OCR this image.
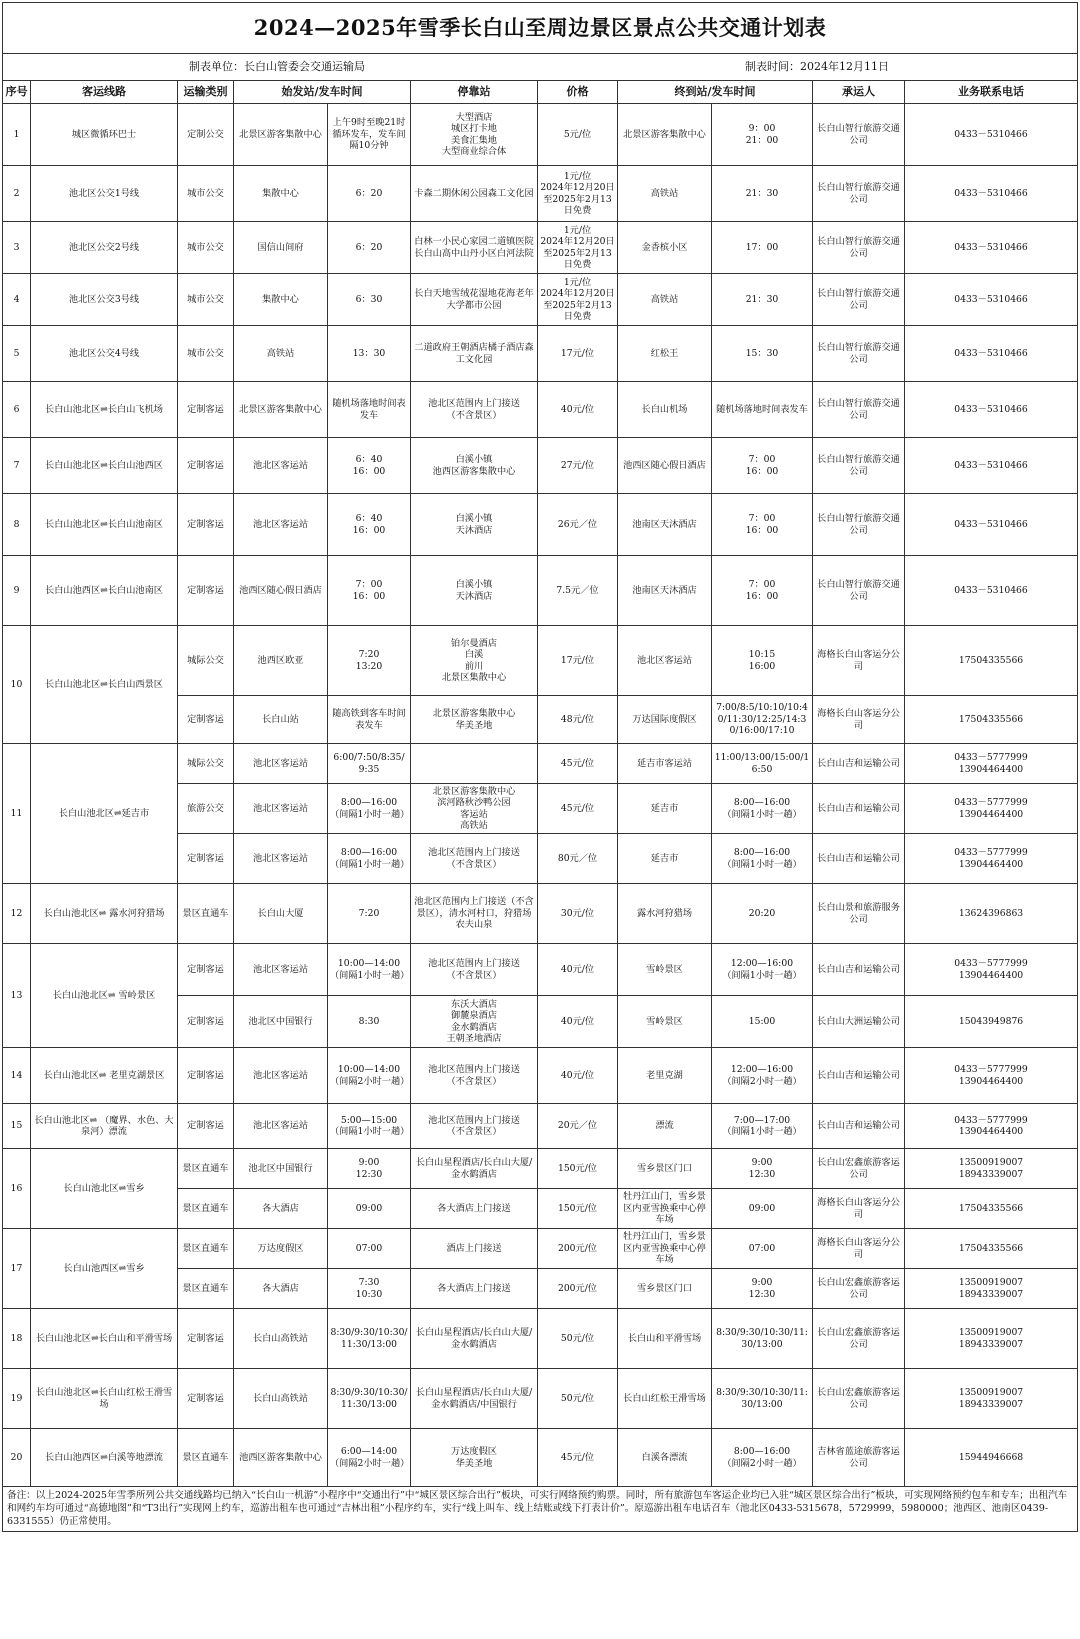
2024—2025年雪季长白山至周边景区景点公共交通计划表
制表单位：长白山管委会交通运输局	制表时间：2024年12月11日
序号	客运线路	运输类别	始发站/发车时间		停靠站	价格	终到站/发车时间		承运人	业务联系电话
1	城区微循环巴士	定制公交	北景区游客集散中心	上午9时至晚21时循环发车，发车间隔10分钟	大型酒店
城区打卡地
美食汇集地
大型商业综合体	5元/位	北景区游客集散中心	9：00
21：00	长白山智行旅游交通公司	0433－5310466
2	池北区公交1号线	城市公交	集散中心	6：20	卡森二期休闲公园森工文化园	1元/位
2024年12月20日至2025年2月13日免费	高铁站	21：30	长白山智行旅游交通公司	0433－5310466
3	池北区公交2号线	城市公交	国信山间府	6：20	白林一小民心家园二道镇医院长白山高中山丹小区白河法院	1元/位
2024年12月20日至2025年2月13日免费	金香槟小区	17：00	长白山智行旅游交通公司	0433－5310466
4	池北区公交3号线	城市公交	集散中心	6：30	长白天地雪绒花湿地花海老年大学都市公园	1元/位
2024年12月20日至2025年2月13日免费	高铁站	21：30	长白山智行旅游交通公司	0433－5310466
5	池北区公交4号线	城市公交	高铁站	13：30	二道政府王朝酒店橘子酒店森工文化园	17元/位	红松王	15：30	长白山智行旅游交通公司	0433－5310466
6	长白山池北区⇌长白山飞机场	定制客运	北景区游客集散中心	随机场落地时间表发车	池北区范围内上门接送
（不含景区）	40元/位	长白山机场	随机场落地时间表发车	长白山智行旅游交通公司	0433－5310466
7	长白山池北区⇌长白山池西区	定制客运	池北区客运站	6：40
16：00	白溪小镇
池西区游客集散中心	27元/位	池西区随心假日酒店	7：00
16：00	长白山智行旅游交通公司	0433－5310466
8	长白山池北区⇌长白山池南区	定制客运	池北区客运站	6：40
16：00	白溪小镇
天沐酒店	26元／位	池南区天沐酒店	7：00
16：00	长白山智行旅游交通公司	0433－5310466
9	长白山池西区⇌长白山池南区	定制客运	池西区随心假日酒店	7：00
16：00	白溪小镇
天沐酒店	7.5元／位	池南区天沐酒店	7：00
16：00	长白山智行旅游交通公司	0433－5310466
10	长白山池北区⇌长白山西景区	城际公交	池西区欧亚	7:20
13:20	铂尔曼酒店
白溪
前川
北景区集散中心	17元/位	池北区客运站	10:15
16:00	海格长白山客运分公司	17504335566
		定制客运	长白山站	随高铁到客车时间表发车	北景区游客集散中心
华美圣地	48元/位	万达国际度假区	7:00/8:5/10:10/10:40/11:30/12:25/14:30/16:00/17:10	海格长白山客运分公司	17504335566
11	长白山池北区⇌延吉市	城际公交	池北区客运站	6:00/7:50/8:35/9:35		45元/位	延吉市客运站	11:00/13:00/15:00/16:50	长白山吉和运输公司	0433－5777999
13904464400
		旅游公交	池北区客运站	8:00—16:00
（间隔1小时一趟）	北景区游客集散中心
滨河路秋沙鸭公园
客运站
高铁站	45元/位	延吉市	8:00—16:00
（间隔1小时一趟）	长白山吉和运输公司	0433－5777999
13904464400
		定制客运	池北区客运站	8:00—16:00
（间隔1小时一趟）	池北区范围内上门接送
（不含景区）	80元／位	延吉市	8:00—16:00
（间隔1小时一趟）	长白山吉和运输公司	0433－5777999
13904464400
12	长白山池北区⇌ 露水河狩猎场	景区直通车	长白山大厦	7:20	池北区范围内上门接送（不含景区），清水河村口，狩猎场农夫山泉	30元/位	露水河狩猎场	20:20	长白山景和旅游服务公司	13624396863
13	长白山池北区⇌ 雪岭景区	定制客运	池北区客运站	10:00—14:00
（间隔1小时一趟）	池北区范围内上门接送
（不含景区）	40元/位	雪岭景区	12:00—16:00
（间隔1小时一趟）	长白山吉和运输公司	0433－5777999
13904464400
		定制客运	池北区中国银行	8:30	东沃大酒店
御麓泉酒店
金水鹤酒店
王朝圣地酒店	40元/位	雪岭景区	15:00	长白山大洲运输公司	15043949876
14	长白山池北区⇌ 老里克湖景区	定制客运	池北区客运站	10:00—14:00
（间隔2小时一趟）	池北区范围内上门接送
（不含景区）	40元/位	老里克湖	12:00—16:00
（间隔2小时一趟）	长白山吉和运输公司	0433－5777999
13904464400
15	长白山池北区⇌ （魔界、水色、大泉河）漂流	定制客运	池北区客运站	5:00—15:00
（间隔1小时一趟）	池北区范围内上门接送
（不含景区）	20元／位	漂流	7:00—17:00
（间隔1小时一趟）	长白山吉和运输公司	0433－5777999
13904464400
16	长白山池北区⇌雪乡	景区直通车	池北区中国银行	9:00
12:30	长白山星程酒店/长白山大厦/金水鹤酒店	150元/位	雪乡景区门口	9:00
12:30	长白山宏鑫旅游客运公司	13500919007
18943339007
		景区直通车	各大酒店	09:00	各大酒店上门接送	150元/位	牡丹江山门，雪乡景区内亚雪换乘中心停车场	09:00	海格长白山客运分公司	17504335566
17	长白山池西区⇌雪乡	景区直通车	万达度假区	07:00	酒店上门接送	200元/位	牡丹江山门，雪乡景区内亚雪换乘中心停车场	07:00	海格长白山客运分公司	17504335566
		景区直通车	各大酒店	7:30
10:30	各大酒店上门接送	200元/位	雪乡景区门口	9:00
12:30	长白山宏鑫旅游客运公司	13500919007
18943339007
18	长白山池北区⇌长白山和平滑雪场	定制客运	长白山高铁站	8:30/9:30/10:30/11:30/13:00	长白山星程酒店/长白山大厦/金水鹤酒店	50元/位	长白山和平滑雪场	8:30/9:30/10:30/11:30/13:00	长白山宏鑫旅游客运公司	13500919007
18943339007
19	长白山池北区⇌长白山红松王滑雪场	定制客运	长白山高铁站	8:30/9:30/10:30/11:30/13:00	长白山星程酒店/长白山大厦/金水鹤酒店/中国银行	50元/位	长白山红松王滑雪场	8:30/9:30/10:30/11:30/13:00	长白山宏鑫旅游客运公司	13500919007
18943339007
20	长白山池西区⇌白溪等地漂流	景区直通车	池西区游客集散中心	6:00—14:00
（间隔2小时一趟）	万达度假区
华美圣地	45元/位	白溪各漂流	8:00—16:00
（间隔2小时一趟）	吉林省蓝途旅游客运公司	15944946668
备注：以上2024-2025年雪季所列公共交通线路均已纳入“长白山一机游”小程序中“交通出行”中“城区景区综合出行”板块，可实行网络预约购票。同时，所有旅游包车客运企业均已入驻“城区景区综合出行”板块，可实现网络预约包车和专车；出租汽车和网约车均可通过“高德地图”和“T3出行”实现网上约车，巡游出租车也可通过“吉林出租”小程序约车，实行“线上叫车、线上结账或线下打表计价”。原巡游出租车电话召车（池北区0433-5315678，5729999，5980000；池西区、池南区0439-6331555）仍正常使用。
